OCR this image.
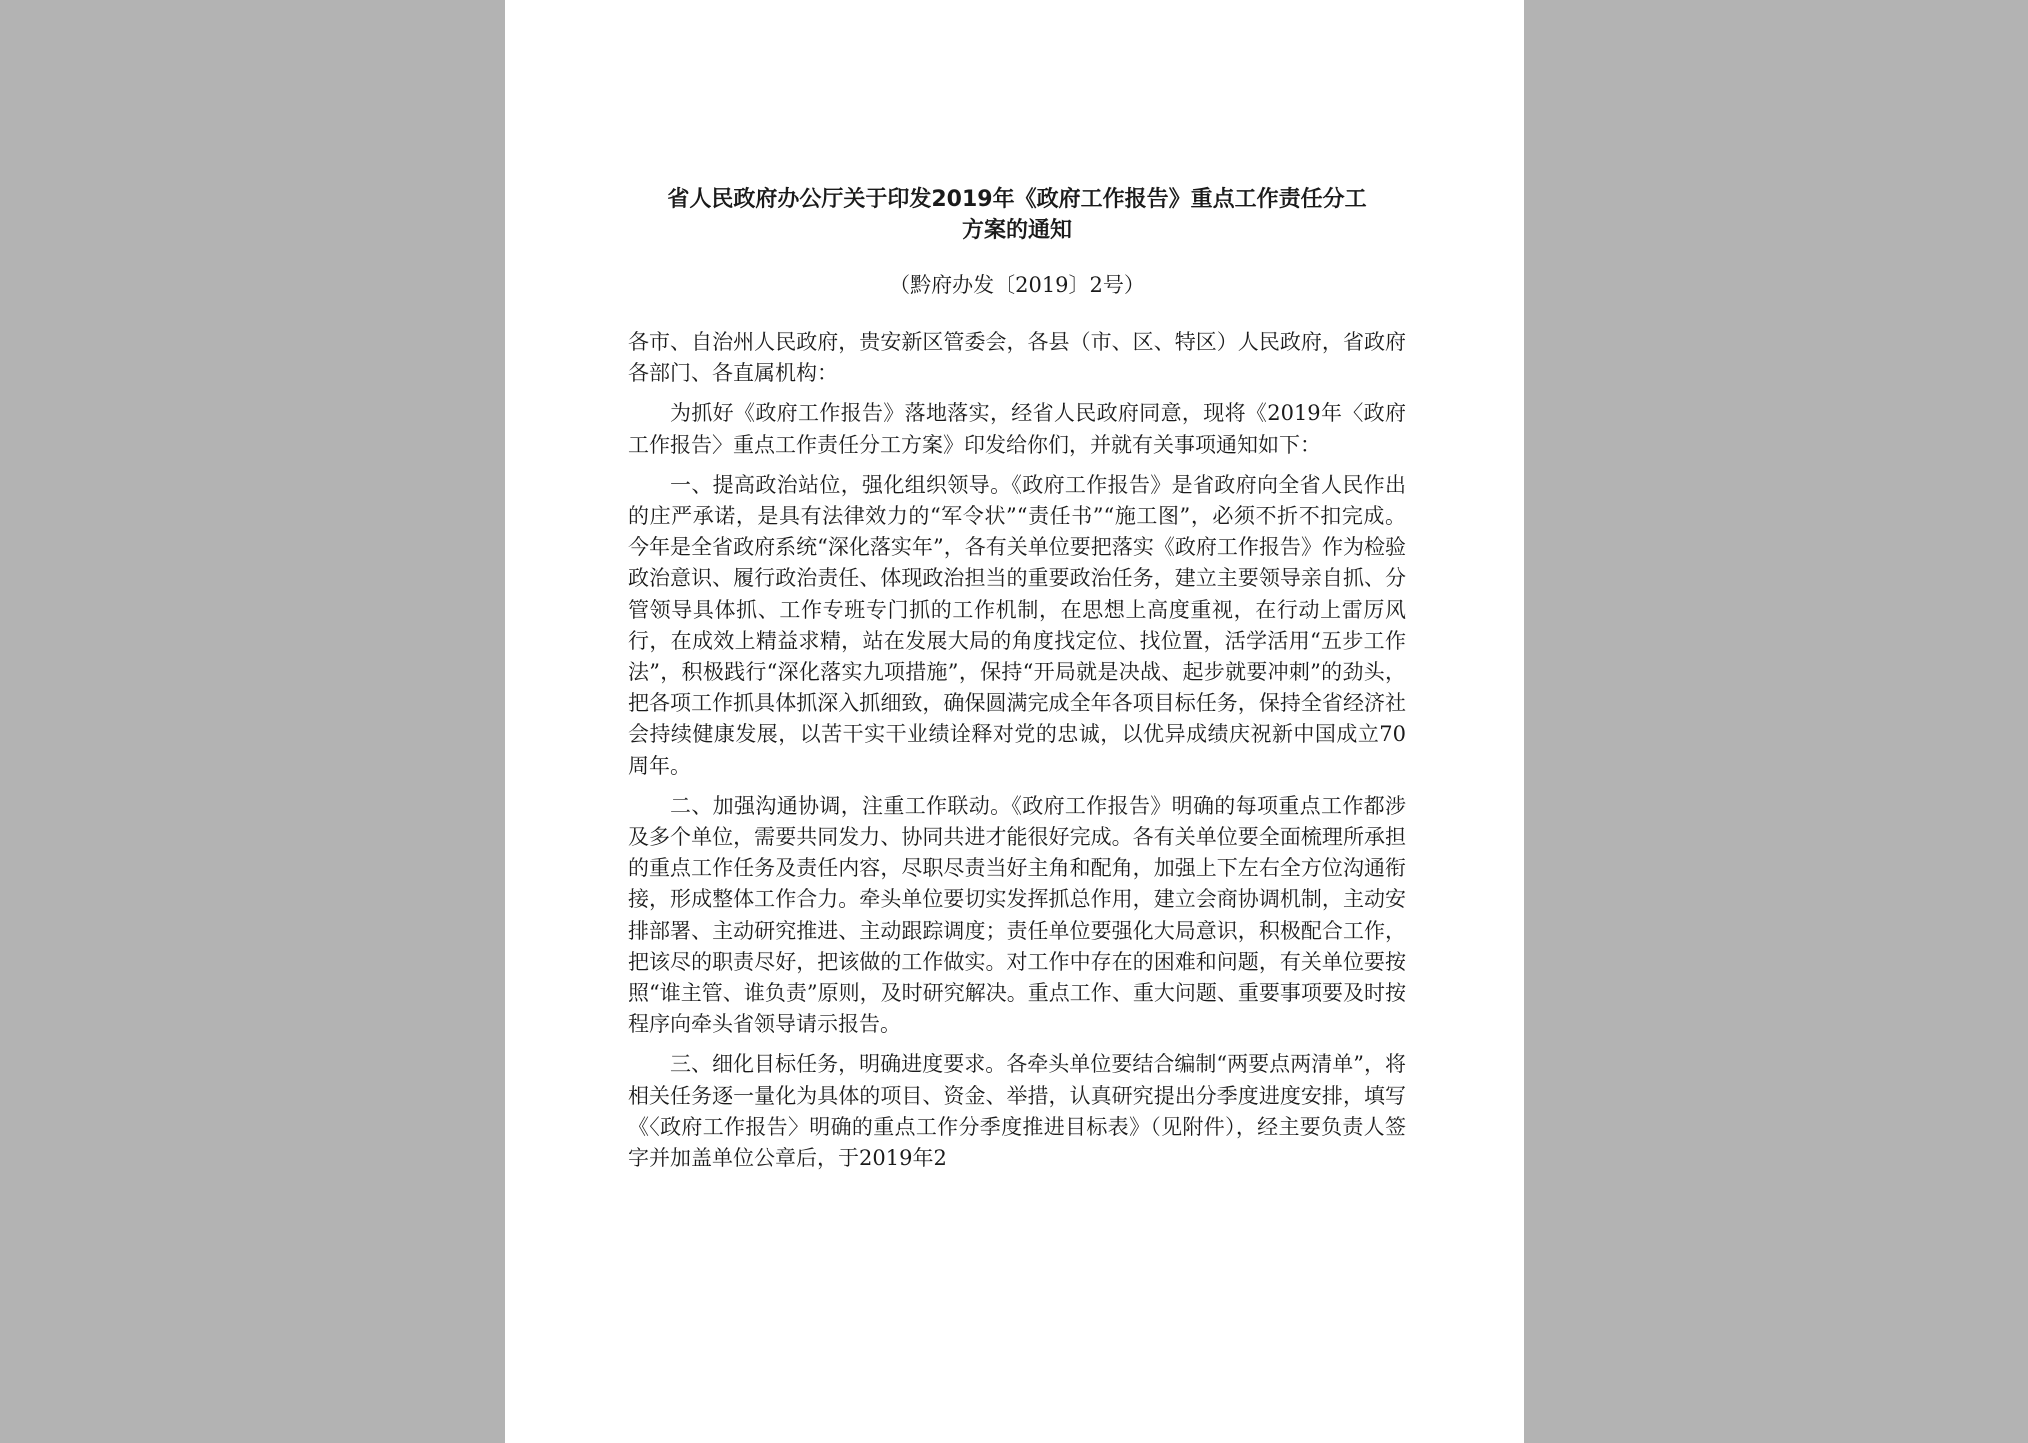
省人民政府办公厅关于印发2019年《政府工作报告》重点工作责任分工
方案的通知

（黔府办发〔2019〕2号）

各市、自治州人民政府，贵安新区管委会，各县（市、区、特区）人民政府，省政府各部门、各直属机构：

为抓好《政府工作报告》落地落实，经省人民政府同意，现将《2019年〈政府工作报告〉重点工作责任分工方案》印发给你们，并就有关事项通知如下：

一、提高政治站位，强化组织领导。《政府工作报告》是省政府向全省人民作出的庄严承诺，是具有法律效力的“军令状”“责任书”“施工图”，必须不折不扣完成。今年是全省政府系统“深化落实年”，各有关单位要把落实《政府工作报告》作为检验政治意识、履行政治责任、体现政治担当的重要政治任务，建立主要领导亲自抓、分管领导具体抓、工作专班专门抓的工作机制，在思想上高度重视，在行动上雷厉风行，在成效上精益求精，站在发展大局的角度找定位、找位置，活学活用“五步工作法”，积极践行“深化落实九项措施”，保持“开局就是决战、起步就要冲刺”的劲头，把各项工作抓具体抓深入抓细致，确保圆满完成全年各项目标任务，保持全省经济社会持续健康发展，以苦干实干业绩诠释对党的忠诚，以优异成绩庆祝新中国成立70周年。

二、加强沟通协调，注重工作联动。《政府工作报告》明确的每项重点工作都涉及多个单位，需要共同发力、协同共进才能很好完成。各有关单位要全面梳理所承担的重点工作任务及责任内容，尽职尽责当好主角和配角，加强上下左右全方位沟通衔接，形成整体工作合力。牵头单位要切实发挥抓总作用，建立会商协调机制，主动安排部署、主动研究推进、主动跟踪调度；责任单位要强化大局意识，积极配合工作，把该尽的职责尽好，把该做的工作做实。对工作中存在的困难和问题，有关单位要按照“谁主管、谁负责”原则，及时研究解决。重点工作、重大问题、重要事项要及时按程序向牵头省领导请示报告。

三、细化目标任务，明确进度要求。各牵头单位要结合编制“两要点两清单”，将相关任务逐一量化为具体的项目、资金、举措，认真研究提出分季度进度安排，填写《〈政府工作报告〉明确的重点工作分季度推进目标表》（见附件），经主要负责人签字并加盖单位公章后，于2019年2
